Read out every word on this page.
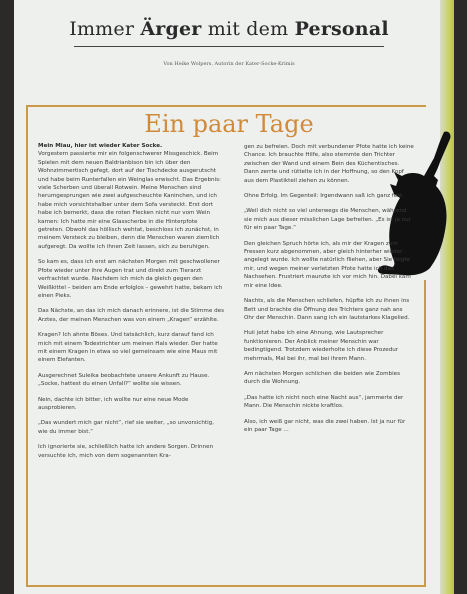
Immer Ärger mit dem Personal
Von Heike Wolpers, Autorin der Kater-Socke-Krimis
Ein paar Tage

Mein Miau, hier ist wieder Kater Socke.

Vorgestern passierte mir ein folgenschwerer Missgeschick. Beim Spielen mit dem neuen Baldrianbison bin ich über den Wohnzimmertisch gefegt, dort auf der Tischdecke ausgerutscht und habe beim Runterfallen ein Weinglas erwischt. Das Ergebnis: viele Scherben und überall Rotwein. Meine Menschen sind herumgesprungen wie zwei aufgescheuchte Kaninchen, und ich habe mich vorsichtshalber unter dem Sofa versteckt. Erst dort habe ich bemerkt, dass die roten Flecken nicht nur vom Wein kamen: Ich hatte mir eine Glasscherbe in die Hinterpfote getreten. Obwohl das höllisch wehtat, beschloss ich zunächst, in meinem Versteck zu bleiben, denn die Menschen waren ziemlich aufgeregt. Da wollte ich ihnen Zeit lassen, sich zu beruhigen.

So kam es, dass ich erst am nächsten Morgen mit geschwollener Pfote wieder unter ihre Augen trat und direkt zum Tierarzt verfrachtet wurde. Nachdem ich mich da gleich gegen den Weißkittel – beiden am Ende erfolglos – gewehrt hatte, bekam ich einen Pieks.

Das Nächste, an das ich mich danach erinnere, ist die Stimme des Arztes, der meinen Menschen was von einem „Kragen“ erzählte.

Kragen? Ich ahnte Böses. Und tatsächlich, kurz darauf fand ich mich mit einem Todestrichter um meinen Hals wieder. Der hatte mit einem Kragen in etwa so viel gemeinsam wie eine Maus mit einem Elefanten.

Ausgerechnet Suleika beobachtete unsere Ankunft zu Hause. „Socke, hattest du einen Unfall?“ wollte sie wissen.

Nein, dachte ich bitter, ich wollte nur eine neue Mode ausprobieren.

„Das wundert mich gar nicht“, rief sie weiter, „so unvorsichtig, wie du immer bist.“

Ich ignorierte sie, schließlich hatte ich andere Sorgen. Drinnen versuchte ich, mich von dem sogenannten Kra-

gen zu befreien. Doch mit verbundener Pfote hatte ich keine Chance. Ich brauchte Hilfe, also stemmte den Trichter zwischen der Wand und einem Bein des Küchentisches. Dann zerrte und rüttelte ich in der Hoffnung, so den Kopf aus dem Plastikteil ziehen zu können.

Ohne Erfolg. Im Gegenteil: Irgendwann saß ich ganz fest.

„Weil dich nicht so viel unterwegs die Menschen, während sie mich aus dieser misslichen Lage befreiten. „Es ist ja nur für ein paar Tage.“

Den gleichen Spruch hörte ich, als mir der Kragen zum Fressen kurz abgenommen, aber gleich hinterher wieder angelegt wurde. Ich wollte natürlich fliehen, aber Sie folgte mir, und wegen meiner verletzten Pfote hatte ich das Nachsehen. Frustriert maunzte ich vor mich hin. Dabei kam mir eine Idee.

Nachts, als die Menschen schliefen, hüpfte ich zu ihnen ins Bett und brachte die Öffnung des Trichters ganz nah ans Ohr der Menschin. Dann sang ich ein lautstarkes Klagelied.

Huii jetzt habe ich eine Ahnung, wie Lautsprecher funktionieren. Der Anblick meiner Menschin war bedingtigend. Trotzdem wiederholte ich diese Prozedur mehrmals, Mal bei ihr, mal bei ihrem Mann.

Am nächsten Morgen schlichen die beiden wie Zombies durch die Wohnung.

„Das hatte ich nicht noch eine Nacht aus“, jammerte der Mann. Die Menschin nickte kraftlos.

Also, ich weiß gar nicht, was die zwei haben. Ist ja nur für ein paar Tage ...
